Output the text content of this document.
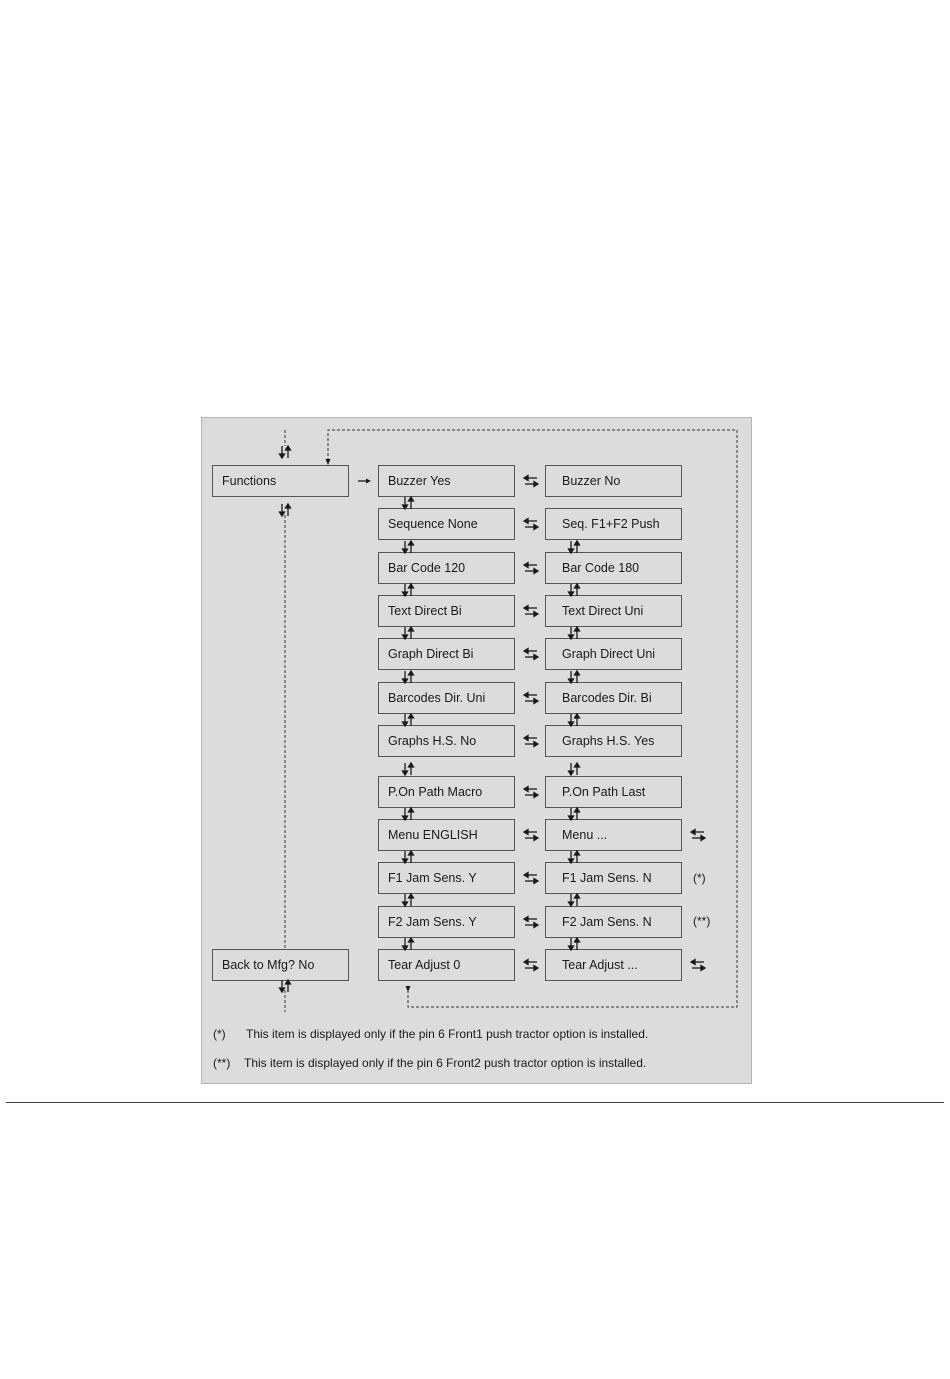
Functions
Back to Mfg? No
Buzzer Yes	Buzzer No
Sequence None	Seq. F1+F2 Push
Bar Code 120	Bar Code 180
Text Direct Bi	Text Direct Uni
Graph Direct Bi	Graph Direct Uni
Barcodes Dir. Uni	Barcodes Dir. Bi
Graphs H.S. No	Graphs H.S. Yes
P.On Path Macro	P.On Path Last
Menu ENGLISH	Menu ...
F1 Jam Sens. Y	F1 Jam Sens. N
F2 Jam Sens. Y	F2 Jam Sens. N
Tear Adjust 0	Tear Adjust ...
(*)
(**)
(*) This item is displayed only if the pin 6 Front1 push tractor option is installed.
(**) This item is displayed only if the pin 6 Front2 push tractor option is installed.
